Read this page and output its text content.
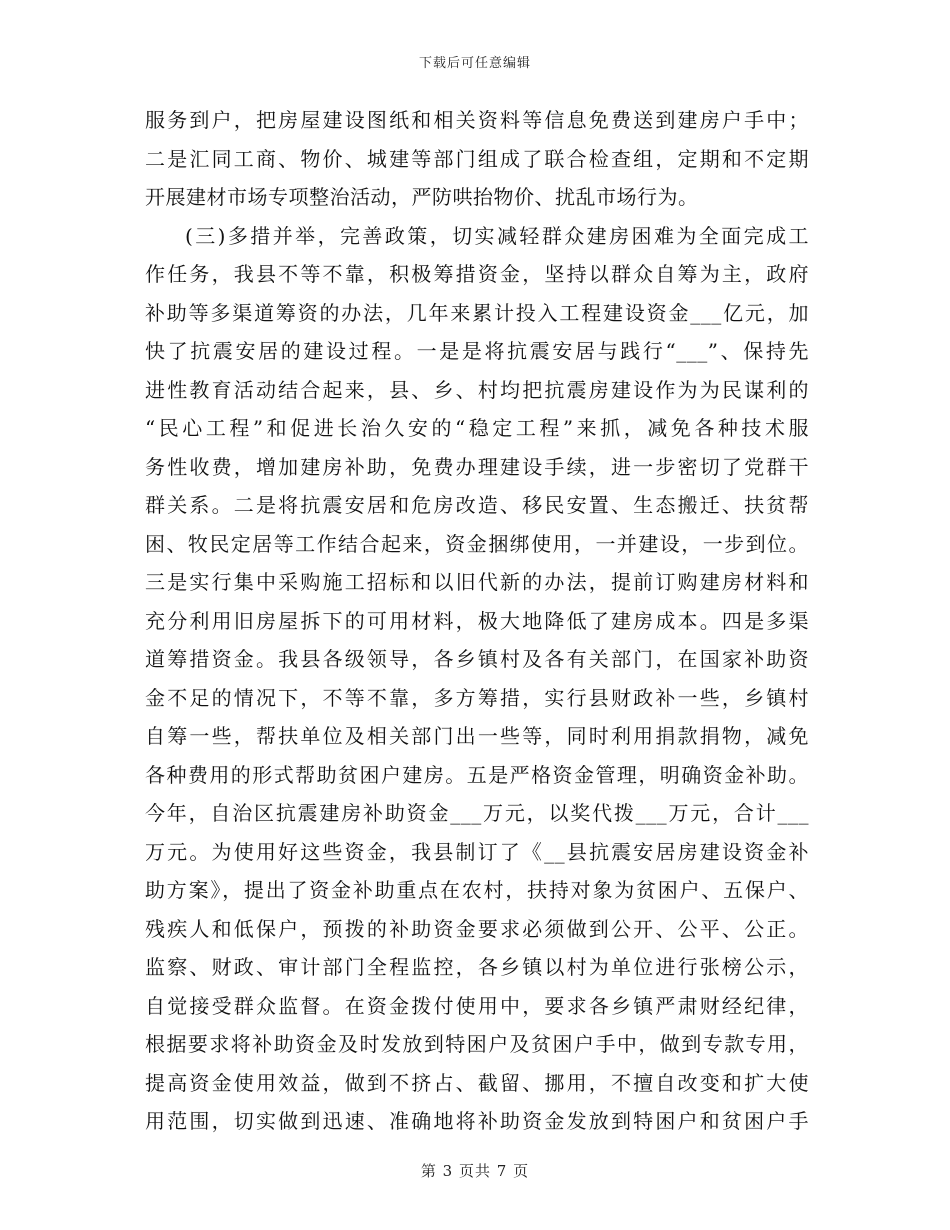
下载后可任意编辑
服务到户，把房屋建设图纸和相关资料等信息免费送到建房户手中；
二是汇同工商、物价、城建等部门组成了联合检查组，定期和不定期
开展建材市场专项整治活动，严防哄抬物价、扰乱市场行为。
(三)多措并举，完善政策，切实减轻群众建房困难为全面完成工
作任务，我县不等不靠，积极筹措资金，坚持以群众自筹为主，政府
补助等多渠道筹资的办法，几年来累计投入工程建设资金___亿元，加
快了抗震安居的建设过程。一是是将抗震安居与践行“___”、保持先
进性教育活动结合起来，县、乡、村均把抗震房建设作为为民谋利的
“民心工程”和促进长治久安的“稳定工程”来抓，减免各种技术服
务性收费，增加建房补助，免费办理建设手续，进一步密切了党群干
群关系。二是将抗震安居和危房改造、移民安置、生态搬迁、扶贫帮
困、牧民定居等工作结合起来，资金捆绑使用，一并建设，一步到位。
三是实行集中采购施工招标和以旧代新的办法，提前订购建房材料和
充分利用旧房屋拆下的可用材料，极大地降低了建房成本。四是多渠
道筹措资金。我县各级领导，各乡镇村及各有关部门，在国家补助资
金不足的情况下，不等不靠，多方筹措，实行县财政补一些，乡镇村
自筹一些，帮扶单位及相关部门出一些等，同时利用捐款捐物，减免
各种费用的形式帮助贫困户建房。五是严格资金管理，明确资金补助。
今年，自治区抗震建房补助资金___万元，以奖代拨___万元，合计___
万元。为使用好这些资金，我县制订了《__县抗震安居房建设资金补
助方案》，提出了资金补助重点在农村，扶持对象为贫困户、五保户、
残疾人和低保户，预拨的补助资金要求必须做到公开、公平、公正。
监察、财政、审计部门全程监控，各乡镇以村为单位进行张榜公示，
自觉接受群众监督。在资金拨付使用中，要求各乡镇严肃财经纪律，
根据要求将补助资金及时发放到特困户及贫困户手中，做到专款专用，
提高资金使用效益，做到不挤占、截留、挪用，不擅自改变和扩大使
用范围，切实做到迅速、准确地将补助资金发放到特困户和贫困户手
第 3 页共 7 页
